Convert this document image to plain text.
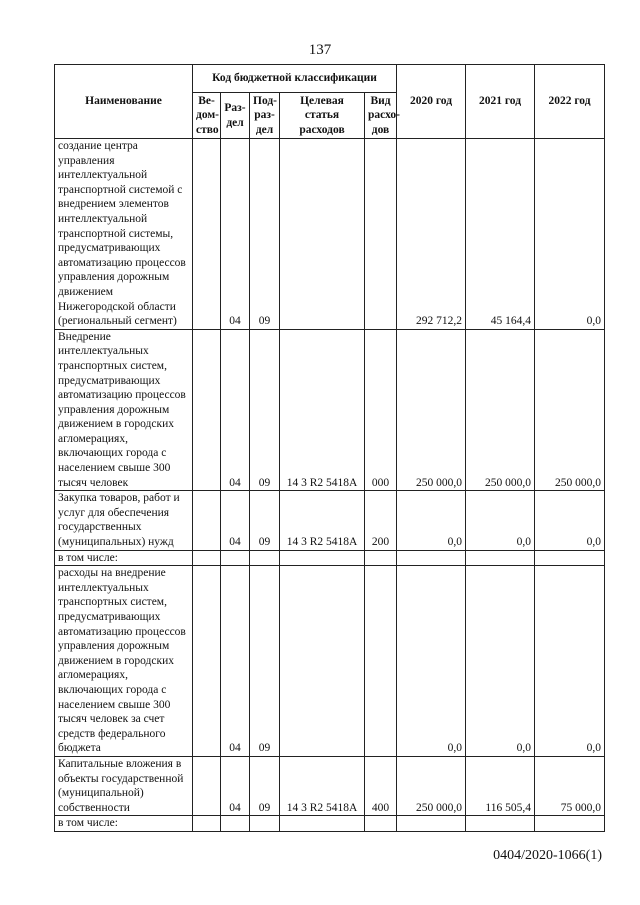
137
Наименование	Код бюджетной классификации					2020 год	2021 год	2022 год
	Ве-дом-ство	Раз-дел	Под-раз-дел	Целевая статья расходов	Вид расхо-дов			
создание центра управления интеллектуальной транспортной системой с внедрением элементов интеллектуальной транспортной системы, предусматривающих автоматизацию процессов управления дорожным движением Нижегородской области (региональный сегмент)		04	09			292 712,2	45 164,4	0,0
Внедрение интеллектуальных транспортных систем, предусматривающих автоматизацию процессов управления дорожным движением в городских агломерациях, включающих города с населением свыше 300 тысяч человек		04	09	14 3 R2 5418A	000	250 000,0	250 000,0	250 000,0
Закупка товаров, работ и услуг для обеспечения государственных (муниципальных) нужд		04	09	14 3 R2 5418A	200	0,0	0,0	0,0
в том числе:								
расходы на внедрение интеллектуальных транспортных систем, предусматривающих автоматизацию процессов управления дорожным движением в городских агломерациях, включающих города с населением свыше 300 тысяч человек за счет средств федерального бюджета		04	09			0,0	0,0	0,0
Капитальные вложения в объекты государственной (муниципальной) собственности		04	09	14 3 R2 5418A	400	250 000,0	116 505,4	75 000,0
в том числе:								
0404/2020-1066(1)
